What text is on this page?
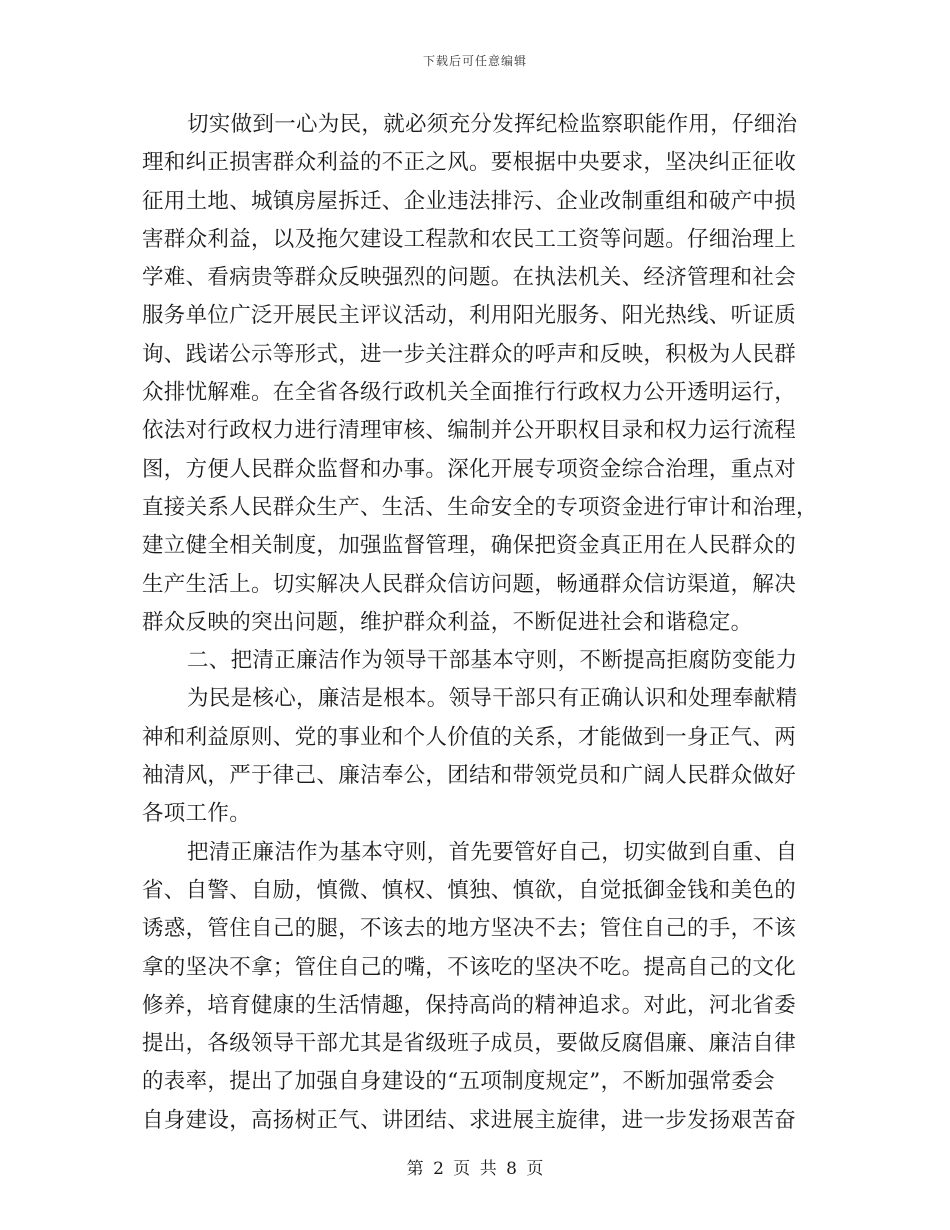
下载后可任意编辑
切实做到一心为民，就必须充分发挥纪检监察职能作用，仔细治
理和纠正损害群众利益的不正之风。要根据中央要求，坚决纠正征收
征用土地、城镇房屋拆迁、企业违法排污、企业改制重组和破产中损
害群众利益，以及拖欠建设工程款和农民工工资等问题。仔细治理上
学难、看病贵等群众反映强烈的问题。在执法机关、经济管理和社会
服务单位广泛开展民主评议活动，利用阳光服务、阳光热线、听证质
询、践诺公示等形式，进一步关注群众的呼声和反映，积极为人民群
众排忧解难。在全省各级行政机关全面推行行政权力公开透明运行，
依法对行政权力进行清理审核、编制并公开职权目录和权力运行流程
图，方便人民群众监督和办事。深化开展专项资金综合治理，重点对
直接关系人民群众生产、生活、生命安全的专项资金进行审计和治理，
建立健全相关制度，加强监督管理，确保把资金真正用在人民群众的
生产生活上。切实解决人民群众信访问题，畅通群众信访渠道，解决
群众反映的突出问题，维护群众利益，不断促进社会和谐稳定。
二、把清正廉洁作为领导干部基本守则，不断提高拒腐防变能力
为民是核心，廉洁是根本。领导干部只有正确认识和处理奉献精
神和利益原则、党的事业和个人价值的关系，才能做到一身正气、两
袖清风，严于律己、廉洁奉公，团结和带领党员和广阔人民群众做好
各项工作。
把清正廉洁作为基本守则，首先要管好自己，切实做到自重、自
省、自警、自励，慎微、慎权、慎独、慎欲，自觉抵御金钱和美色的
诱惑，管住自己的腿，不该去的地方坚决不去；管住自己的手，不该
拿的坚决不拿；管住自己的嘴，不该吃的坚决不吃。提高自己的文化
修养，培育健康的生活情趣，保持高尚的精神追求。对此，河北省委
提出，各级领导干部尤其是省级班子成员，要做反腐倡廉、廉洁自律
的表率，提出了加强自身建设的“五项制度规定”，不断加强常委会
自身建设，高扬树正气、讲团结、求进展主旋律，进一步发扬艰苦奋
第 2 页 共 8 页
